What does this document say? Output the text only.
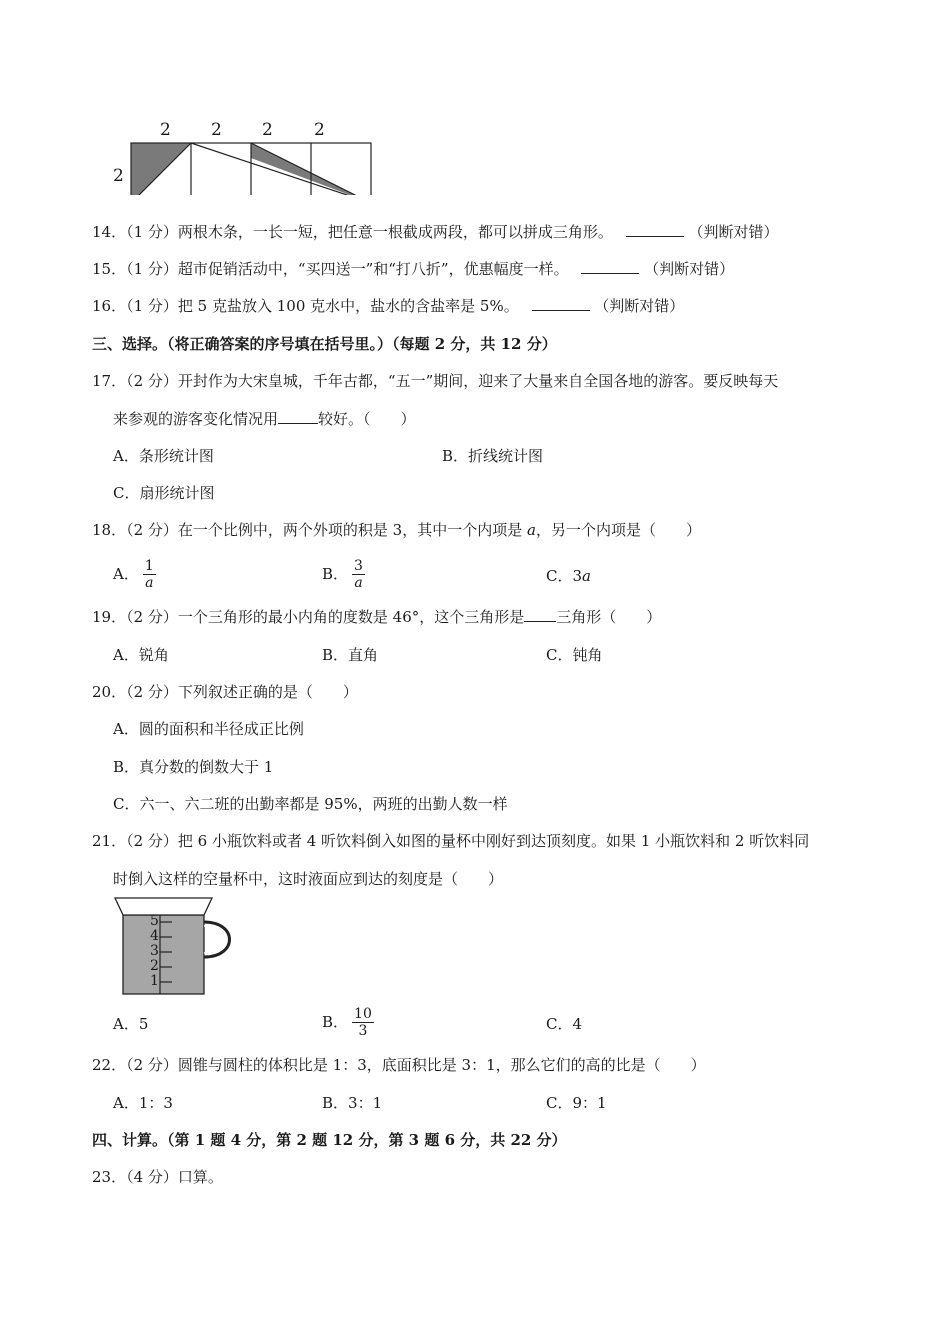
2 2 2 2
2
14．（1 分）两根木条，一长一短，把任意一根截成两段，都可以拼成三角形。	（判断对错）
15．（1 分）超市促销活动中，“买四送一”和“打八折”，优惠幅度一样。	（判断对错）
16．（1 分）把 5 克盐放入 100 克水中，盐水的含盐率是 5%。	（判断对错）
三、选择。（将正确答案的序号填在括号里。）（每题 2 分，共 12 分）
17．（2 分）开封作为大宋皇城，千年古都，“五一”期间，迎来了大量来自全国各地的游客。要反映每天
来参观的游客变化情况用	较好。（　　）
A．条形统计图	B．折线统计图
C．扇形统计图
18．（2 分）在一个比例中，两个外项的积是 3，其中一个内项是 a，另一个内项是（　　）
A． $\frac{1}{a}$	B． $\frac{3}{a}$	C．3a
19．（2 分）一个三角形的最小内角的度数是 46°，这个三角形是 三角形（　　）
A．锐角	B．直角	C．钝角
20．（2 分）下列叙述正确的是（　　）
A．圆的面积和半径成正比例
B．真分数的倒数大于 1
C．六一、六二班的出勤率都是 95%，两班的出勤人数一样
21．（2 分）把 6 小瓶饮料或者 4 听饮料倒入如图的量杯中刚好到达顶刻度。如果 1 小瓶饮料和 2 听饮料同
时倒入这样的空量杯中，这时液面应到达的刻度是（　　）
5
4
3
2
1
A．5	B． $\frac{10}{3}$	C．4
22．（2 分）圆锥与圆柱的体积比是 1：3，底面积比是 3：1，那么它们的高的比是（　　）
A．1：3	B．3：1	C．9：1
四、计算。（第 1 题 4 分，第 2 题 12 分，第 3 题 6 分，共 22 分）
23．（4 分）口算。
